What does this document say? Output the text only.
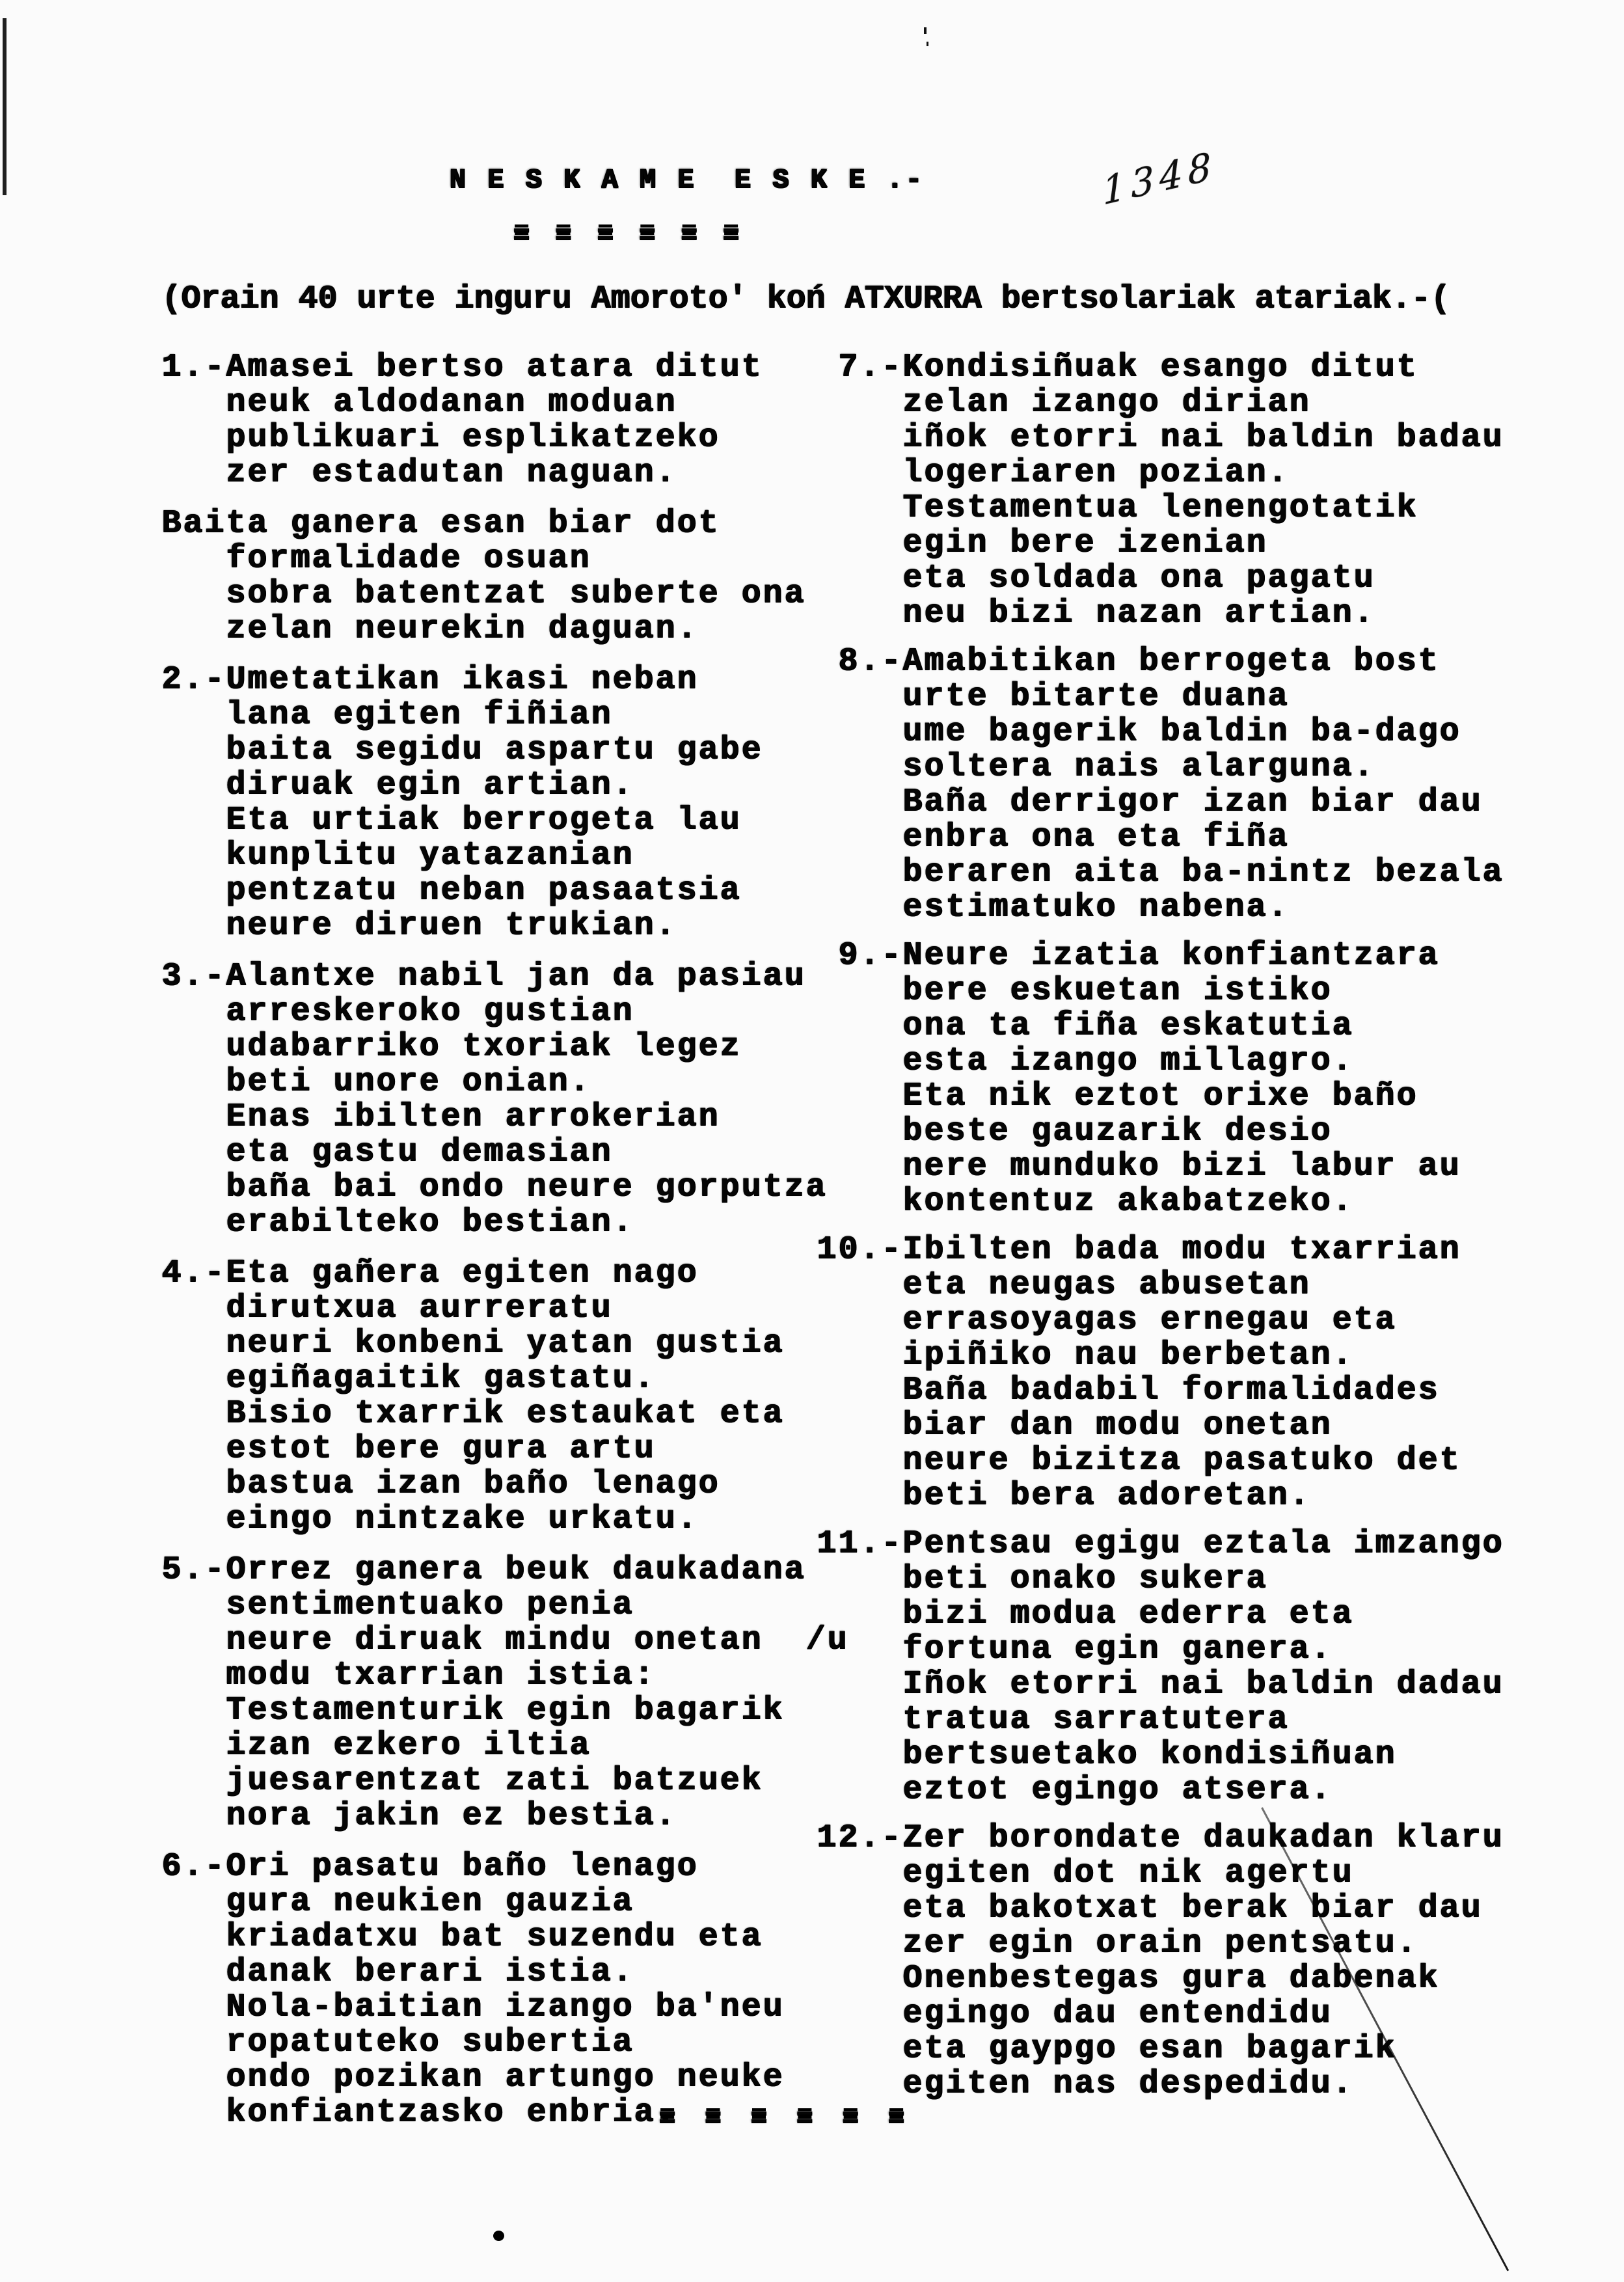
N E S K A M E  E S K E .-
= = = = = =
1348
(Orain 40 urte inguru Amoroto' koń ATXURRA bertsolariak atariak.-(
1.-Amasei bertso atara ditut
neuk aldodanan moduan
publikuari esplikatzeko
zer estadutan naguan.
Baita ganera esan biar dot
formalidade osuan
sobra batentzat suberte ona
zelan neurekin daguan.
2.-Umetatikan ikasi neban
lana egiten fiñian
baita segidu aspartu gabe
diruak egin artian.
Eta urtiak berrogeta lau
kunplitu yatazanian
pentzatu neban pasaatsia
neure diruen trukian.
3.-Alantxe nabil jan da pasiau
arreskeroko gustian
udabarriko txoriak legez
beti unore onian.
Enas ibilten arrokerian
eta gastu demasian
baña bai ondo neure gorputza
erabilteko bestian.
4.-Eta gañera egiten nago
dirutxua aurreratu
neuri konbeni yatan gustia
egiñagaitik gastatu.
Bisio txarrik estaukat eta
estot bere gura artu
bastua izan baño lenago
eingo nintzake urkatu.
5.-Orrez ganera beuk daukadana
sentimentuako penia
neure diruak mindu onetan  /u
modu txarrian istia:
Testamenturik egin bagarik
izan ezkero iltia
juesarentzat zati batzuek
nora jakin ez bestia.
6.-Ori pasatu baño lenago
gura neukien gauzia
kriadatxu bat suzendu eta
danak berari istia.
Nola-baitian izango ba'neu
ropatuteko subertia
ondo pozikan artungo neuke
konfiantzasko enbria.
7.-Kondisiñuak esango ditut
zelan izango dirian
iñok etorri nai baldin badau
logeriaren pozian.
Testamentua lenengotatik
egin bere izenian
eta soldada ona pagatu
neu bizi nazan artian.
8.-Amabitikan berrogeta bost
urte bitarte duana
ume bagerik baldin ba-dago
soltera nais alarguna.
Baña derrigor izan biar dau
enbra ona eta fiña
beraren aita ba-nintz bezala
estimatuko nabena.
9.-Neure izatia konfiantzara
bere eskuetan istiko
ona ta fiña eskatutia
esta izango millagro.
Eta nik eztot orixe baño
beste gauzarik desio
nere munduko bizi labur au
kontentuz akabatzeko.
10.-Ibilten bada modu txarrian
eta neugas abusetan
errasoyagas ernegau eta
ipiñiko nau berbetan.
Baña badabil formalidades
biar dan modu onetan
neure bizitza pasatuko det
beti bera adoretan.
11.-Pentsau egigu eztala imzango
beti onako sukera
bizi modua ederra eta
fortuna egin ganera.
Iñok etorri nai baldin dadau
tratua sarratutera
bertsuetako kondisiñuan
eztot egingo atsera.
12.-Zer borondate daukadan klaru
egiten dot nik agertu
eta bakotxat berak biar dau
zer egin orain pentsatu.
Onenbestegas gura dabenak
egingo dau entendidu
eta gaypgo esan bagarik
egiten nas despedidu.
= = = = = =
